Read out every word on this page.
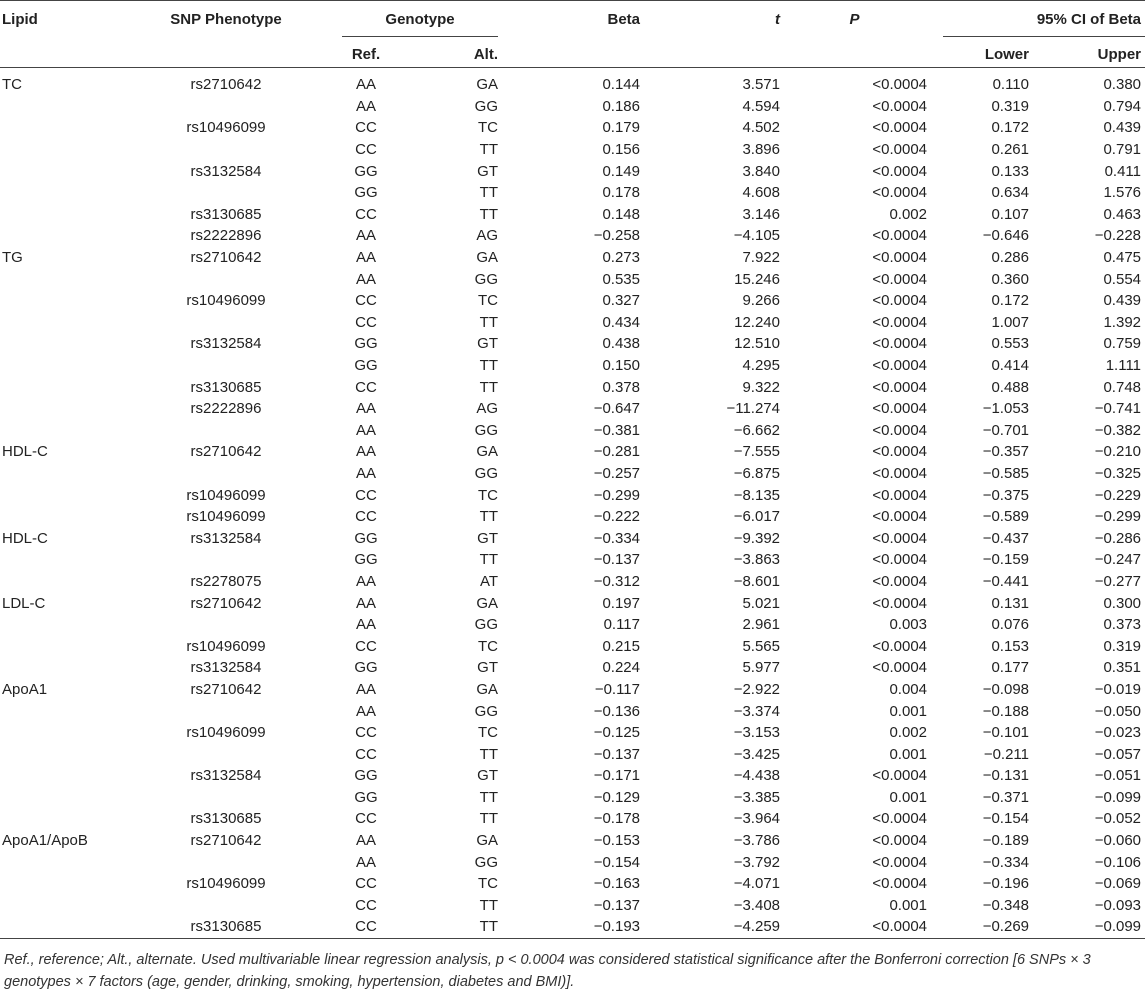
Lipid	SNP Phenotype	Genotype		Beta	t	P	95% CI of Beta	

		Ref.	Alt.				Lower	Upper
TC	rs2710642	AA	GA	0.144	3.571	<0.0004	0.110	0.380
		AA	GG	0.186	4.594	<0.0004	0.319	0.794
	rs10496099	CC	TC	0.179	4.502	<0.0004	0.172	0.439
		CC	TT	0.156	3.896	<0.0004	0.261	0.791
	rs3132584	GG	GT	0.149	3.840	<0.0004	0.133	0.411
		GG	TT	0.178	4.608	<0.0004	0.634	1.576
	rs3130685	CC	TT	0.148	3.146	0.002	0.107	0.463
	rs2222896	AA	AG	−0.258	−4.105	<0.0004	−0.646	−0.228
TG	rs2710642	AA	GA	0.273	7.922	<0.0004	0.286	0.475
		AA	GG	0.535	15.246	<0.0004	0.360	0.554
	rs10496099	CC	TC	0.327	9.266	<0.0004	0.172	0.439
		CC	TT	0.434	12.240	<0.0004	1.007	1.392
	rs3132584	GG	GT	0.438	12.510	<0.0004	0.553	0.759
		GG	TT	0.150	4.295	<0.0004	0.414	1.111
	rs3130685	CC	TT	0.378	9.322	<0.0004	0.488	0.748
	rs2222896	AA	AG	−0.647	−11.274	<0.0004	−1.053	−0.741
		AA	GG	−0.381	−6.662	<0.0004	−0.701	−0.382
HDL-C	rs2710642	AA	GA	−0.281	−7.555	<0.0004	−0.357	−0.210
		AA	GG	−0.257	−6.875	<0.0004	−0.585	−0.325
	rs10496099	CC	TC	−0.299	−8.135	<0.0004	−0.375	−0.229
	rs10496099	CC	TT	−0.222	−6.017	<0.0004	−0.589	−0.299
HDL-C	rs3132584	GG	GT	−0.334	−9.392	<0.0004	−0.437	−0.286
		GG	TT	−0.137	−3.863	<0.0004	−0.159	−0.247
	rs2278075	AA	AT	−0.312	−8.601	<0.0004	−0.441	−0.277
LDL-C	rs2710642	AA	GA	0.197	5.021	<0.0004	0.131	0.300
		AA	GG	0.117	2.961	0.003	0.076	0.373
	rs10496099	CC	TC	0.215	5.565	<0.0004	0.153	0.319
	rs3132584	GG	GT	0.224	5.977	<0.0004	0.177	0.351
ApoA1	rs2710642	AA	GA	−0.117	−2.922	0.004	−0.098	−0.019
		AA	GG	−0.136	−3.374	0.001	−0.188	−0.050
	rs10496099	CC	TC	−0.125	−3.153	0.002	−0.101	−0.023
		CC	TT	−0.137	−3.425	0.001	−0.211	−0.057
	rs3132584	GG	GT	−0.171	−4.438	<0.0004	−0.131	−0.051
		GG	TT	−0.129	−3.385	0.001	−0.371	−0.099
	rs3130685	CC	TT	−0.178	−3.964	<0.0004	−0.154	−0.052
ApoA1/ApoB	rs2710642	AA	GA	−0.153	−3.786	<0.0004	−0.189	−0.060
		AA	GG	−0.154	−3.792	<0.0004	−0.334	−0.106
	rs10496099	CC	TC	−0.163	−4.071	<0.0004	−0.196	−0.069
		CC	TT	−0.137	−3.408	0.001	−0.348	−0.093
	rs3130685	CC	TT	−0.193	−4.259	<0.0004	−0.269	−0.099
Ref., reference; Alt., alternate. Used multivariable linear regression analysis, p < 0.0004 was considered statistical significance after the Bonferroni correction [6 SNPs × 3 genotypes × 7 factors (age, gender, drinking, smoking, hypertension, diabetes and BMI)].
